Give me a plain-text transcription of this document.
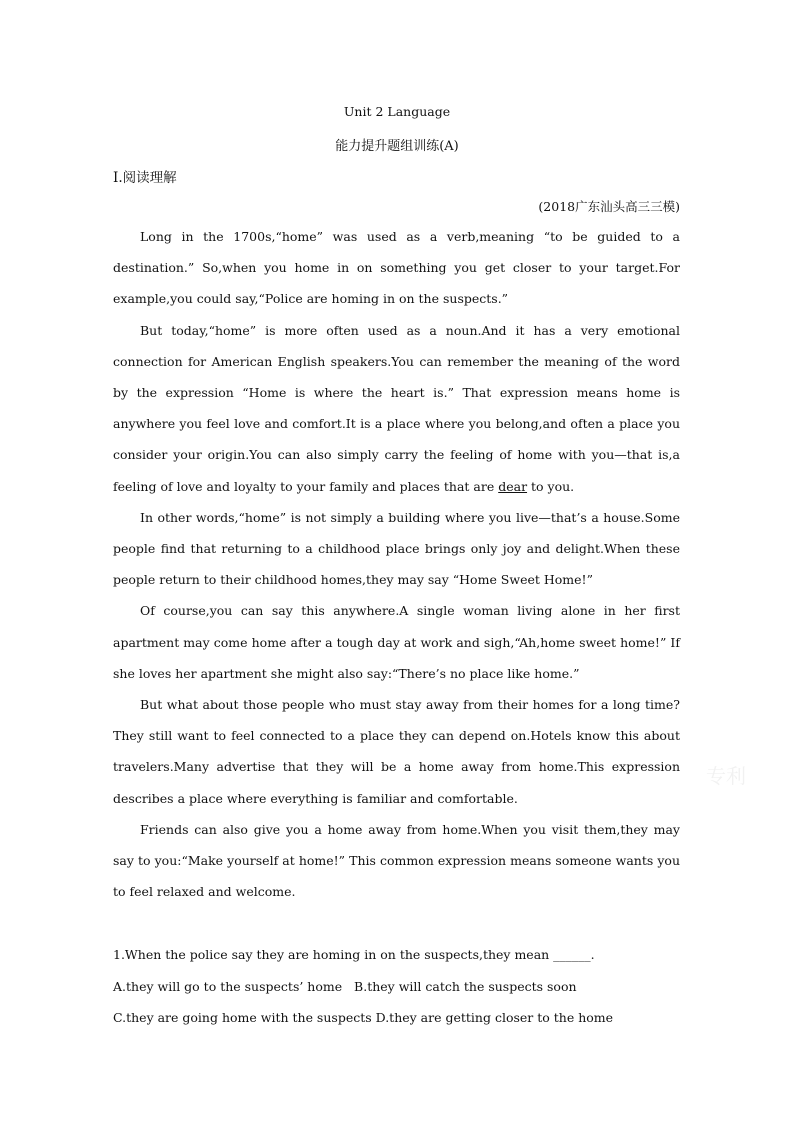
Unit 2 Language
能力提升题组训练(A)
Ⅰ.阅读理解
(2018广东汕头高三三模)

Long in the 1700s,“home” was used as a verb,meaning “to be guided to a destination.” So,when you home in on something you get closer to your target.For example,you could say,“Police are homing in on the suspects.”

But today,“home” is more often used as a noun.And it has a very emotional connection for American English speakers.You can remember the meaning of the word by the expression “Home is where the heart is.” That expression means home is anywhere you feel love and comfort.It is a place where you belong,and often a place you consider your origin.You can also simply carry the feeling of home with you—that is,a feeling of love and loyalty to your family and places that are dear to you.

In other words,“home” is not simply a building where you live—that’s a house.Some people find that returning to a childhood place brings only joy and delight.When these people return to their childhood homes,they may say “Home Sweet Home!”

Of course,you can say this anywhere.A single woman living alone in her first apartment may come home after a tough day at work and sigh,“Ah,home sweet home!” If she loves her apartment she might also say:“There’s no place like home.”

But what about those people who must stay away from their homes for a long time? They still want to feel connected to a place they can depend on.Hotels know this about travelers.Many advertise that they will be a home away from home.This expression describes a place where everything is familiar and comfortable.

Friends can also give you a home away from home.When you visit them,they may say to you:“Make yourself at home!” This common expression means someone wants you to feel relaxed and welcome.

1.When the police say they are homing in on the suspects,they mean ______.
A.they will go to the suspects’ home   B.they will catch the suspects soon
C.they are going home with the suspects D.they are getting closer to the home
专利
